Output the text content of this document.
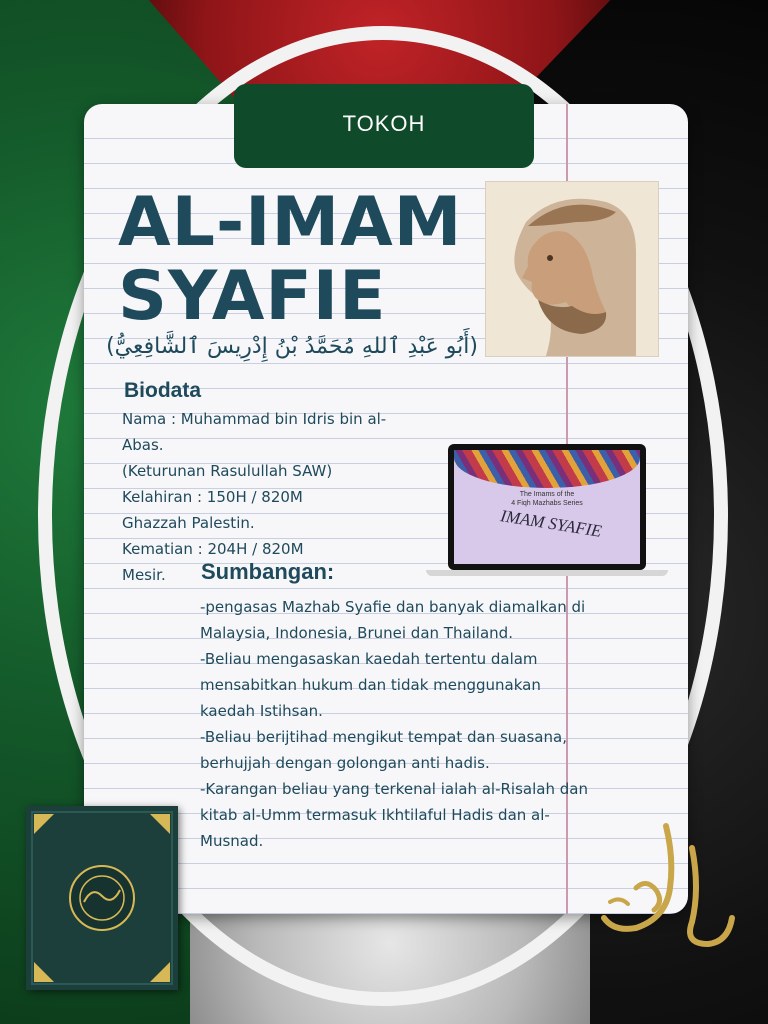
TOKOH
AL-IMAM
SYAFIE
(أَبُو عَبْدِ ٱللهِ مُحَمَّدُ بْنُ إِدْرِيسَ ٱلشَّافِعِيُّ)
Biodata
Nama : Muhammad bin Idris bin al-
Abas.
(Keturunan Rasulullah SAW)
Kelahiran : 150H / 820M
Ghazzah Palestin.
Kematian : 204H / 820M
Mesir.
The Imams of the
4 Fiqh Mazhabs Series
IMAM SYAFIE
Sumbangan:
-pengasas Mazhab Syafie dan banyak diamalkan di
Malaysia, Indonesia, Brunei dan Thailand.
-Beliau mengasaskan kaedah tertentu dalam
mensabitkan hukum dan tidak menggunakan
kaedah Istihsan.
-Beliau berijtihad mengikut tempat dan suasana,
berhujjah dengan golongan anti hadis.
-Karangan beliau yang terkenal ialah al-Risalah dan
kitab al-Umm termasuk Ikhtilaful Hadis dan al-
Musnad.
